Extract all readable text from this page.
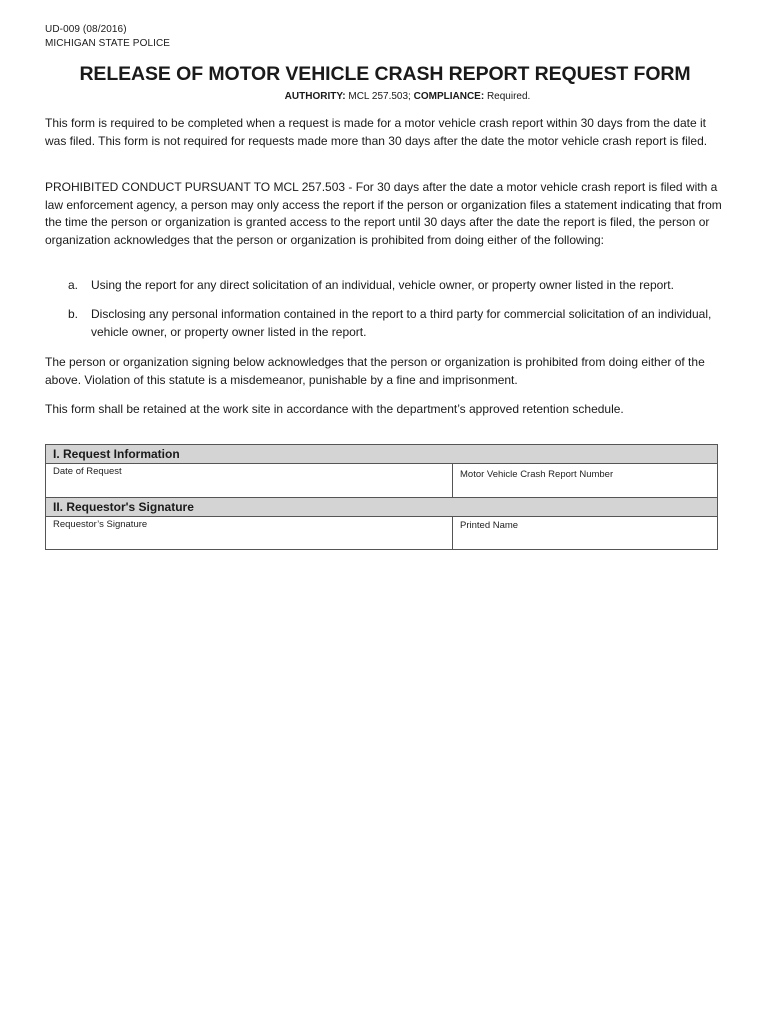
UD-009 (08/2016)
MICHIGAN STATE POLICE
RELEASE OF MOTOR VEHICLE CRASH REPORT REQUEST FORM
AUTHORITY: MCL 257.503; COMPLIANCE: Required.
This form is required to be completed when a request is made for a motor vehicle crash report within 30 days from the date it was filed. This form is not required for requests made more than 30 days after the date the motor vehicle crash report is filed.
PROHIBITED CONDUCT PURSUANT TO MCL 257.503 - For 30 days after the date a motor vehicle crash report is filed with a law enforcement agency, a person may only access the report if the person or organization files a statement indicating that from the time the person or organization is granted access to the report until 30 days after the date the report is filed, the person or organization acknowledges that the person or organization is prohibited from doing either of the following:
a.	Using the report for any direct solicitation of an individual, vehicle owner, or property owner listed in the report.
b.	Disclosing any personal information contained in the report to a third party for commercial solicitation of an individual, vehicle owner, or property owner listed in the report.
The person or organization signing below acknowledges that the person or organization is prohibited from doing either of the above. Violation of this statute is a misdemeanor, punishable by a fine and imprisonment.
This form shall be retained at the work site in accordance with the department’s approved retention schedule.
I. Request Information
Date of Request	Motor Vehicle Crash Report Number
II. Requestor's Signature
Requestor’s Signature	Printed Name
